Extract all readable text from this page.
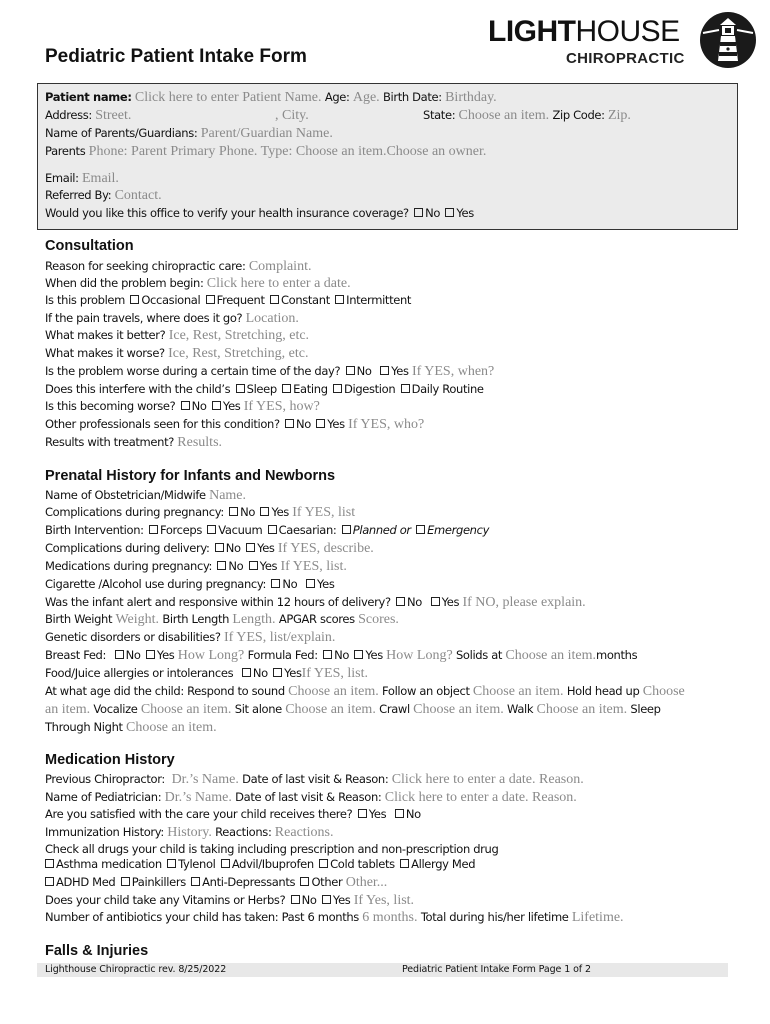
Pediatric Patient Intake Form
LIGHTHOUSE
CHIROPRACTIC
Patient name: Click here to enter Patient Name. Age: Age. Birth Date: Birthday.
Address: Street.	, City.	State: Choose an item. Zip Code: Zip.
Name of Parents/Guardians: Parent/Guardian Name.
Parents Phone: Parent Primary Phone. Type: Choose an item.Choose an owner.
Email: Email.
Referred By: Contact.
Would you like this office to verify your health insurance coverage? No Yes
Consultation
Reason for seeking chiropractic care: Complaint.
When did the problem begin: Click here to enter a date.
Is this problem Occasional Frequent Constant Intermittent
If the pain travels, where does it go? Location.
What makes it better? Ice, Rest, Stretching, etc.
What makes it worse? Ice, Rest, Stretching, etc.
Is the problem worse during a certain time of the day? No Yes If YES, when?
Does this interfere with the child’s Sleep Eating Digestion Daily Routine
Is this becoming worse? No Yes If YES, how?
Other professionals seen for this condition? No Yes If YES, who?
Results with treatment? Results.
Prenatal History for Infants and Newborns
Name of Obstetrician/Midwife Name.
Complications during pregnancy: No Yes If YES, list
Birth Intervention: Forceps Vacuum Caesarian: Planned or Emergency
Complications during delivery: No Yes If YES, describe.
Medications during pregnancy: No Yes If YES, list.
Cigarette /Alcohol use during pregnancy: No Yes
Was the infant alert and responsive within 12 hours of delivery? No Yes If NO, please explain.
Birth Weight Weight. Birth Length Length. APGAR scores Scores.
Genetic disorders or disabilities? If YES, list/explain.
Breast Fed: No Yes How Long? Formula Fed: No Yes How Long? Solids at Choose an item.months
Food/Juice allergies or intolerances No YesIf YES, list.
At what age did the child: Respond to sound Choose an item. Follow an object Choose an item. Hold head up Choose
an item. Vocalize Choose an item. Sit alone Choose an item. Crawl Choose an item. Walk Choose an item. Sleep
Through Night Choose an item.
Medication History
Previous Chiropractor: Dr.’s Name. Date of last visit & Reason: Click here to enter a date. Reason.
Name of Pediatrician: Dr.’s Name. Date of last visit & Reason: Click here to enter a date. Reason.
Are you satisfied with the care your child receives there? Yes No
Immunization History: History. Reactions: Reactions.
Check all drugs your child is taking including prescription and non-prescription drug
Asthma medication Tylenol Advil/Ibuprofen Cold tablets Allergy Med
ADHD Med Painkillers Anti-Depressants Other Other...
Does your child take any Vitamins or Herbs? No Yes If Yes, list.
Number of antibiotics your child has taken: Past 6 months 6 months. Total during his/her lifetime Lifetime.
Falls & Injuries
Lighthouse Chiropractic rev. 8/25/2022	Pediatric Patient Intake Form Page 1 of 2
